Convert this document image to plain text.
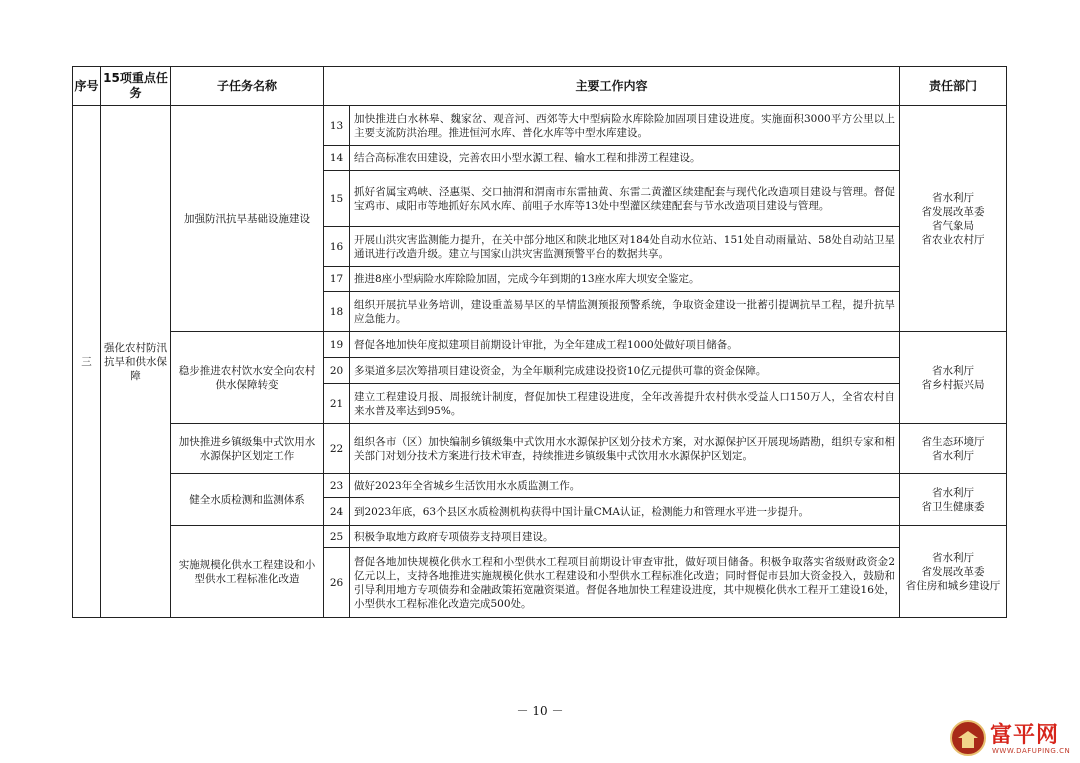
序号	15项重点任务	子任务名称	主要工作内容		责任部门
三	强化农村防汛抗旱和供水保障	加强防汛抗旱基础设施建设	13	加快推进白水林皋、魏家岔、观音河、西郊等大中型病险水库除险加固项目建设进度。实施面积3000平方公里以上主要支流防洪治理。推进恒河水库、普化水库等中型水库建设。	省水利厅
省发展改革委
省气象局
省农业农村厅

			14	结合高标准农田建设，完善农田小型水源工程、输水工程和排涝工程建设。	
			15	抓好省属宝鸡峡、泾惠渠、交口抽渭和渭南市东雷抽黄、东雷二黄灌区续建配套与现代化改造项目建设与管理。督促宝鸡市、咸阳市等地抓好东风水库、前咀子水库等13处中型灌区续建配套与节水改造项目建设与管理。	
			16	开展山洪灾害监测能力提升，在关中部分地区和陕北地区对184处自动水位站、151处自动雨量站、58处自动站卫星通讯进行改造升级。建立与国家山洪灾害监测预警平台的数据共享。	
			17	推进8座小型病险水库除险加固，完成今年到期的13座水库大坝安全鉴定。	
			18	组织开展抗旱业务培训，建设重盖易旱区的旱情监测预报预警系统，争取资金建设一批蓄引提调抗旱工程，提升抗旱应急能力。	
		稳步推进农村饮水安全向农村供水保障转变	19	督促各地加快年度拟建项目前期设计审批，为全年建成工程1000处做好项目储备。	省水利厅
省乡村振兴局

			20	多渠道多层次筹措项目建设资金，为全年顺利完成建设投资10亿元提供可靠的资金保障。	
			21	建立工程建设月报、周报统计制度，督促加快工程建设进度，全年改善提升农村供水受益人口150万人，全省农村自来水普及率达到95%。	
		加快推进乡镇级集中式饮用水水源保护区划定工作	22	组织各市（区）加快编制乡镇级集中式饮用水水源保护区划分技术方案，对水源保护区开展现场踏勘，组织专家和相关部门对划分技术方案进行技术审查，持续推进乡镇级集中式饮用水水源保护区划定。	省生态环境厅
省水利厅

		健全水质检测和监测体系	23	做好2023年全省城乡生活饮用水水质监测工作。	省水利厅
省卫生健康委

			24	到2023年底，63个县区水质检测机构获得中国计量CMA认证，检测能力和管理水平进一步提升。	
		实施规模化供水工程建设和小型供水工程标准化改造	25	积极争取地方政府专项债券支持项目建设。	省水利厅
省发展改革委
省住房和城乡建设厅

			26	督促各地加快规模化供水工程和小型供水工程项目前期设计审查审批，做好项目储备。积极争取落实省级财政资金2亿元以上，支持各地推进实施规模化供水工程建设和小型供水工程标准化改造；同时督促市县加大资金投入，鼓励和引导利用地方专项债券和金融政策拓宽融资渠道。督促各地加快工程建设进度，其中规模化供水工程开工建设16处，小型供水工程标准化改造完成500处。	
－ 10 －
富平网
WWW.DAFUPING.CN
